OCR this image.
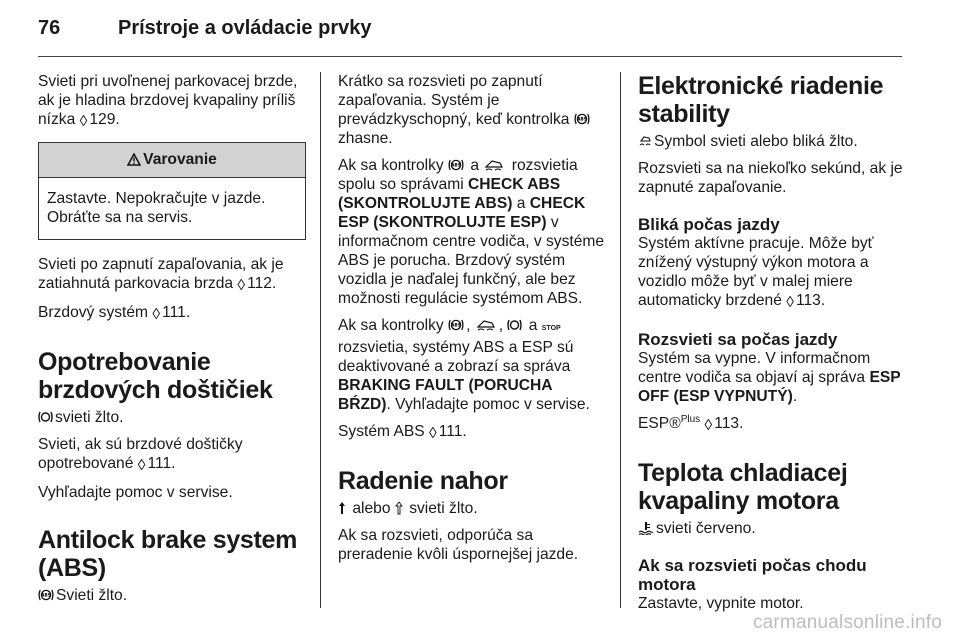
76	Prístroje a ovládacie prvky

Svieti pri uvoľnenej parkovacej brzde, ak je hladina brzdovej kvapaliny príliš nízka ◊ 129.

Varovanie
Zastavte. Nepokračujte v jazde. Obráťte sa na servis.

Svieti po zapnutí zapaľovania, ak je zatiahnutá parkovacia brzda ◊ 112.

Brzdový systém ◊ 111.

Opotrebovanie brzdových doštičiek

svieti žlto.

Svieti, ak sú brzdové doštičky opotrebované ◊ 111.

Vyhľadajte pomoc v servise.

Antilock brake system (ABS)

ABS Svieti žlto.

Krátko sa rozsvieti po zapnutí zapaľovania. Systém je prevádzkyschopný, keď kontrolka ABS
zhasne.

Ak sa kontrolky ABS a rozsvietia spolu so správami CHECK ABS (SKONTROLUJTE ABS) a CHECK ESP (SKONTROLUJTE ESP) v informačnom centre vodiča, v systéme ABS je porucha. Brzdový systém vozidla je naďalej funkčný, ale bez možnosti regulácie systémom ABS.

Ak sa kontrolky ABS ,
,
a STOP rozsvietia, systémy ABS a ESP sú deaktivované a zobrazí sa správa BRAKING FAULT (PORUCHA BŔZD). Vyhľadajte pomoc v servise.

Systém ABS ◊ 111.

Radenie nahor

alebo svieti žlto.

Ak sa rozsvieti, odporúča sa preradenie kvôli úspornejšej jazde.

Elektronické riadenie stability

Symbol svieti alebo bliká žlto.

Rozsvieti sa na niekoľko sekúnd, ak je zapnuté zapaľovanie.

Bliká počas jazdy

Systém aktívne pracuje. Môže byť znížený výstupný výkon motora a vozidlo môže byť v malej miere automaticky brzdené ◊ 113.

Rozsvieti sa počas jazdy

Systém sa vypne. V informačnom centre vodiča sa objaví aj správa ESP OFF (ESP VYPNUTÝ).

ESP®$^{Plus}$ ◊ 113.

Teplota chladiacej kvapaliny motora

svieti červeno.

Ak sa rozsvieti počas chodu motora

Zastavte, vypnite motor.

carmanualsonline.info
